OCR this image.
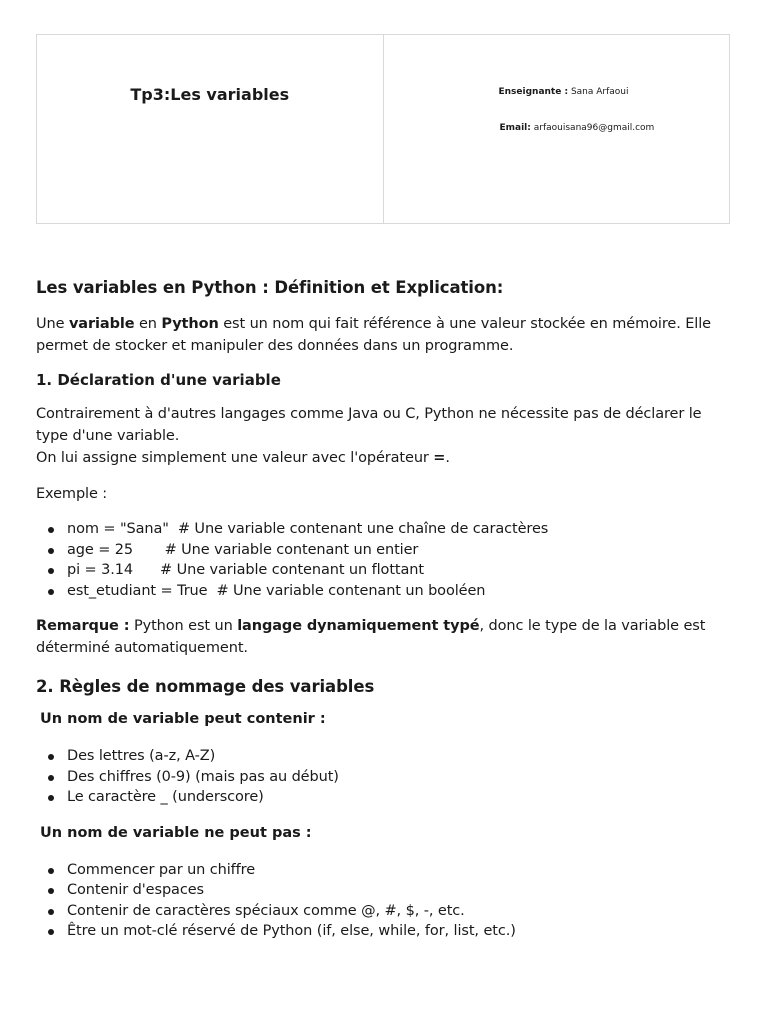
Tp3:Les variables	Enseignante : Sana Arfaoui
Email: arfaouisana96@gmail.com
Les variables en Python : Définition et Explication:

Une variable en Python est un nom qui fait référence à une valeur stockée en mémoire. Elle permet de stocker et manipuler des données dans un programme.

1. Déclaration d'une variable

Contrairement à d'autres langages comme Java ou C, Python ne nécessite pas de déclarer le type d'une variable.
On lui assigne simplement une valeur avec l'opérateur =.

Exemple :

nom = "Sana"  # Une variable contenant une chaîne de caractères
age = 25       # Une variable contenant un entier
pi = 3.14      # Une variable contenant un flottant
est_etudiant = True  # Une variable contenant un booléen

Remarque : Python est un langage dynamiquement typé, donc le type de la variable est déterminé automatiquement.

2. Règles de nommage des variables
Un nom de variable peut contenir :
Des lettres (a-z, A-Z)
Des chiffres (0-9) (mais pas au début)
Le caractère _ (underscore)
Un nom de variable ne peut pas :
Commencer par un chiffre
Contenir d'espaces
Contenir de caractères spéciaux comme @, #, $, -, etc.
Être un mot-clé réservé de Python (if, else, while, for, list, etc.)
